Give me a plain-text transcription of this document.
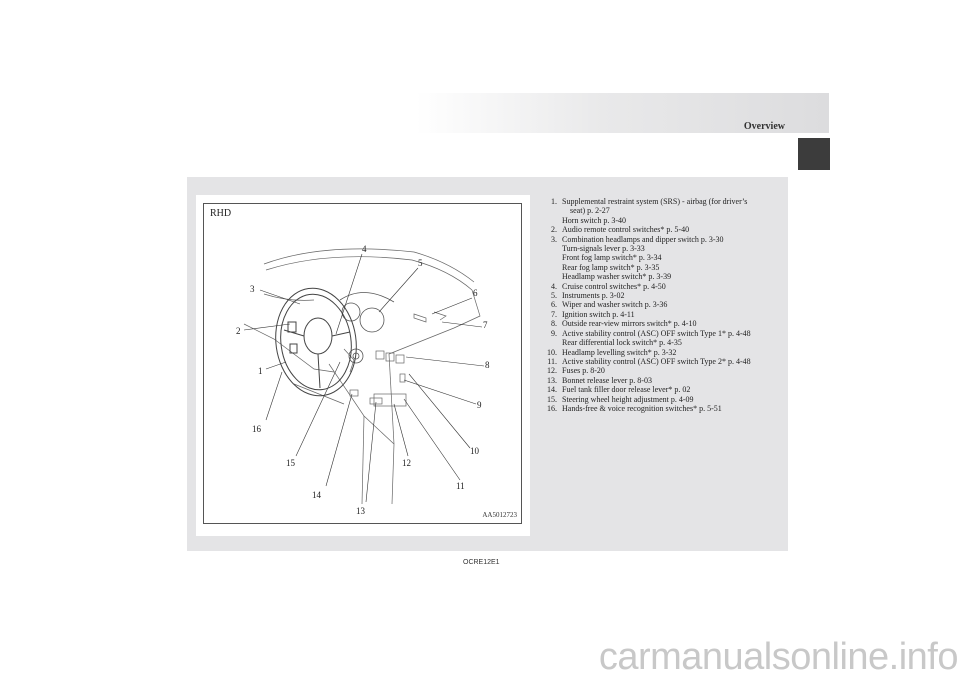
Overview
RHD
1
2
3
4
5
6
7
8
9
10
11
12
13
14
15
16
AA5012723
1. Supplemental restraint system (SRS) - airbag (for driver’s
seat) p. 2-27
Horn switch p. 3-40
2. Audio remote control switches* p. 5-40
3. Combination headlamps and dipper switch p. 3-30
Turn-signals lever p. 3-33
Front fog lamp switch* p. 3-34
Rear fog lamp switch* p. 3-35
Headlamp washer switch* p. 3-39
4. Cruise control switches* p. 4-50
5. Instruments p. 3-02
6. Wiper and washer switch p. 3-36
7. Ignition switch p. 4-11
8. Outside rear-view mirrors switch* p. 4-10
9. Active stability control (ASC) OFF switch Type 1* p. 4-48
Rear differential lock switch* p. 4-35
10. Headlamp levelling switch* p. 3-32
11. Active stability control (ASC) OFF switch Type 2* p. 4-48
12. Fuses p. 8-20
13. Bonnet release lever p. 8-03
14. Fuel tank filler door release lever* p. 02
15. Steering wheel height adjustment p. 4-09
16. Hands-free & voice recognition switches* p. 5-51
OCRE12E1
carmanualsonline.info
